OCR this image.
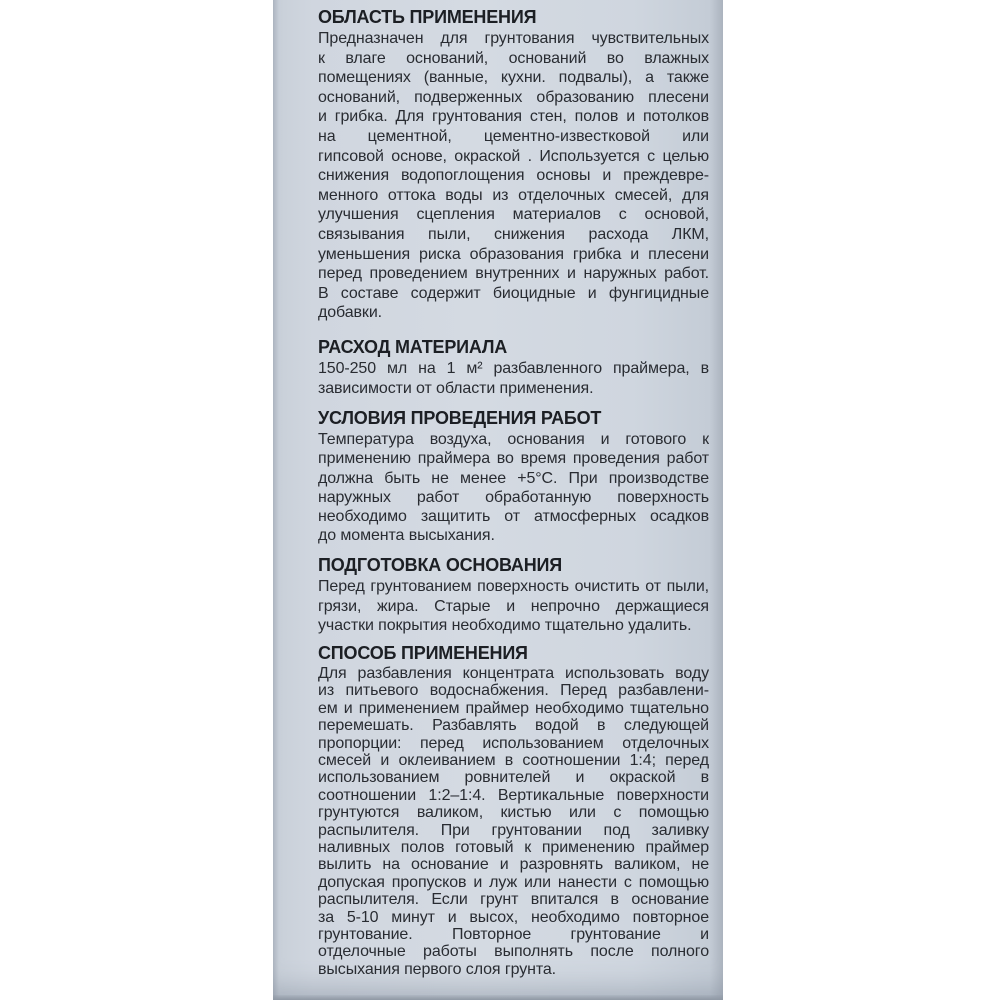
ОБЛАСТЬ ПРИМЕНЕНИЯ
Предназначен для грунтования чувствительных
к влаге оснований, оснований во влажных
помещениях (ванные, кухни. подвалы), а также
оснований, подверженных образованию плесени
и грибка. Для грунтования стен, полов и потолков
на цементной, цементно-известковой или
гипсовой основе, окраской . Используется с целью
снижения водопоглощения основы и преждевре-
менного оттока воды из отделочных смесей, для
улучшения сцепления материалов с основой,
связывания пыли, снижения расхода ЛКМ,
уменьшения риска образования грибка и плесени
перед проведением внутренних и наружных работ.
В составе содержит биоцидные и фунгицидные
добавки.
РАСХОД МАТЕРИАЛА
150-250 мл на 1 м² разбавленного праймера, в
зависимости от области применения.
УСЛОВИЯ ПРОВЕДЕНИЯ РАБОТ
Температура воздуха, основания и готового к
применению праймера во время проведения работ
должна быть не менее +5°С. При производстве
наружных работ обработанную поверхность
необходимо защитить от атмосферных осадков
до момента высыхания.
ПОДГОТОВКА ОСНОВАНИЯ
Перед грунтованием поверхность очистить от пыли,
грязи, жира. Старые и непрочно держащиеся
участки покрытия необходимо тщательно удалить.
СПОСОБ ПРИМЕНЕНИЯ
Для разбавления концентрата использовать воду
из питьевого водоснабжения. Перед разбавлени-
ем и применением праймер необходимо тщательно
перемешать. Разбавлять водой в следующей
пропорции: перед использованием отделочных
смесей и оклеиванием в соотношении 1:4; перед
использованием ровнителей и окраской в
соотношении 1:2–1:4. Вертикальные поверхности
грунтуются валиком, кистью или с помощью
распылителя. При грунтовании под заливку
наливных полов готовый к применению праймер
вылить на основание и разровнять валиком, не
допуская пропусков и луж или нанести с помощью
распылителя. Если грунт впитался в основание
за 5-10 минут и высох, необходимо повторное
грунтование. Повторное грунтование и
отделочные работы выполнять после полного
высыхания первого слоя грунта.
